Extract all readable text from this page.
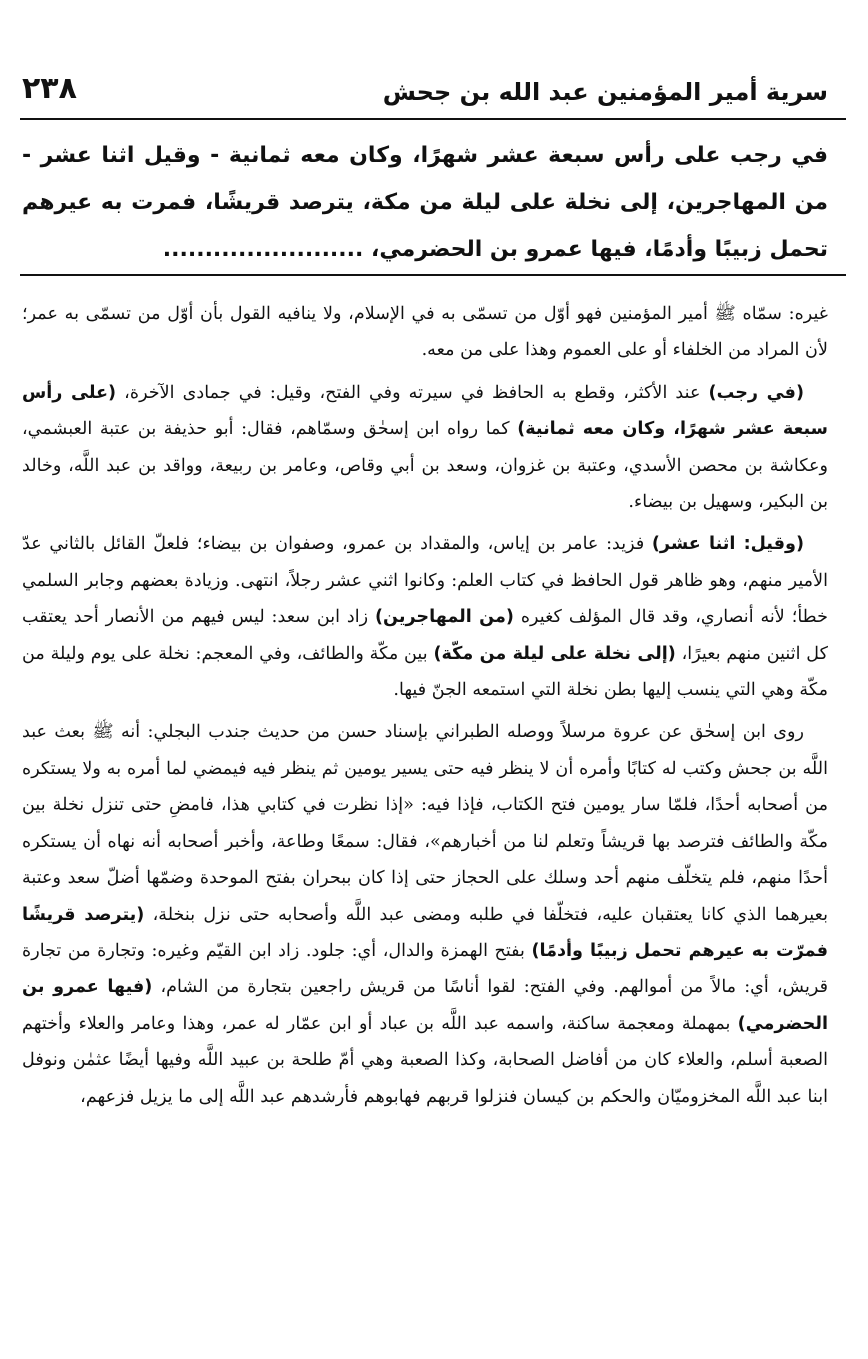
سرية أمير المؤمنين عبد الله بن جحش
٢٣٨

في رجب على رأس سبعة عشر شهرًا، وكان معه ثمانية - وقيل اثنا عشر - من المهاجرين، إلى نخلة على ليلة من مكة، يترصد قريشًا، فمرت به عيرهم تحمل زبيبًا وأدمًا، فيها عمرو بن الحضرمي، ........................

غيره: سمّاه ﷺ أمير المؤمنين فهو أوّل من تسمّى به في الإسلام، ولا ينافيه القول بأن أوّل من تسمّى به عمر؛ لأن المراد من الخلفاء أو على العموم وهذا على من معه.

(في رجب) عند الأكثر، وقطع به الحافظ في سيرته وفي الفتح، وقيل: في جمادى الآخرة، (على رأس سبعة عشر شهرًا، وكان معه ثمانية) كما رواه ابن إسحٰق وسمّاهم، فقال: أبو حذيفة بن عتبة العبشمي، وعكاشة بن محصن الأسدي، وعتبة بن غزوان، وسعد بن أبي وقاص، وعامر بن ربيعة، وواقد بن عبد اللَّه، وخالد بن البكير، وسهيل بن بيضاء.

(وقيل: اثنا عشر) فزيد: عامر بن إياس، والمقداد بن عمرو، وصفوان بن بيضاء؛ فلعلّ القائل بالثاني عدّ الأمير منهم، وهو ظاهر قول الحافظ في كتاب العلم: وكانوا اثني عشر رجلاً، انتهى. وزيادة بعضهم وجابر السلمي خطأ؛ لأنه أنصاري، وقد قال المؤلف كغيره (من المهاجرين) زاد ابن سعد: ليس فيهم من الأنصار أحد يعتقب كل اثنين منهم بعيرًا، (إلى نخلة على ليلة من مكّة) بين مكّة والطائف، وفي المعجم: نخلة على يوم وليلة من مكّة وهي التي ينسب إليها بطن نخلة التي استمعه الجنّ فيها.

روى ابن إسحٰق عن عروة مرسلاً ووصله الطبراني بإسناد حسن من حديث جندب البجلي: أنه ﷺ بعث عبد اللَّه بن جحش وكتب له كتابًا وأمره أن لا ينظر فيه حتى يسير يومين ثم ينظر فيه فيمضي لما أمره به ولا يستكره من أصحابه أحدًا، فلمّا سار يومين فتح الكتاب، فإذا فيه: «إذا نظرت في كتابي هذا، فامضِ حتى تنزل نخلة بين مكّة والطائف فترصد بها قريشاً وتعلم لنا من أخبارهم»، فقال: سمعًا وطاعة، وأخبر أصحابه أنه نهاه أن يستكره أحدًا منهم، فلم يتخلّف منهم أحد وسلك على الحجاز حتى إذا كان ببحران بفتح الموحدة وضمّها أضلّ سعد وعتبة بعيرهما الذي كانا يعتقبان عليه، فتخلّفا في طلبه ومضى عبد اللَّه وأصحابه حتى نزل بنخلة، (يترصد قريشًا فمرّت به عيرهم تحمل زبيبًا وأدمًا) بفتح الهمزة والدال، أي: جلود. زاد ابن القيّم وغيره: وتجارة من تجارة قريش، أي: مالاً من أموالهم. وفي الفتح: لقوا أناسًا من قريش راجعين بتجارة من الشام، (فيها عمرو بن الحضرمي) بمهملة ومعجمة ساكنة، واسمه عبد اللَّه بن عباد أو ابن عمّار له عمر، وهذا وعامر والعلاء وأختهم الصعبة أسلم، والعلاء كان من أفاضل الصحابة، وكذا الصعبة وهي أمّ طلحة بن عبيد اللَّه وفيها أيضًا عثمٰن ونوفل ابنا عبد اللَّه المخزوميّان والحكم بن كيسان فنزلوا قربهم فهابوهم فأرشدهم عبد اللَّه إلى ما يزيل فزعهم،
